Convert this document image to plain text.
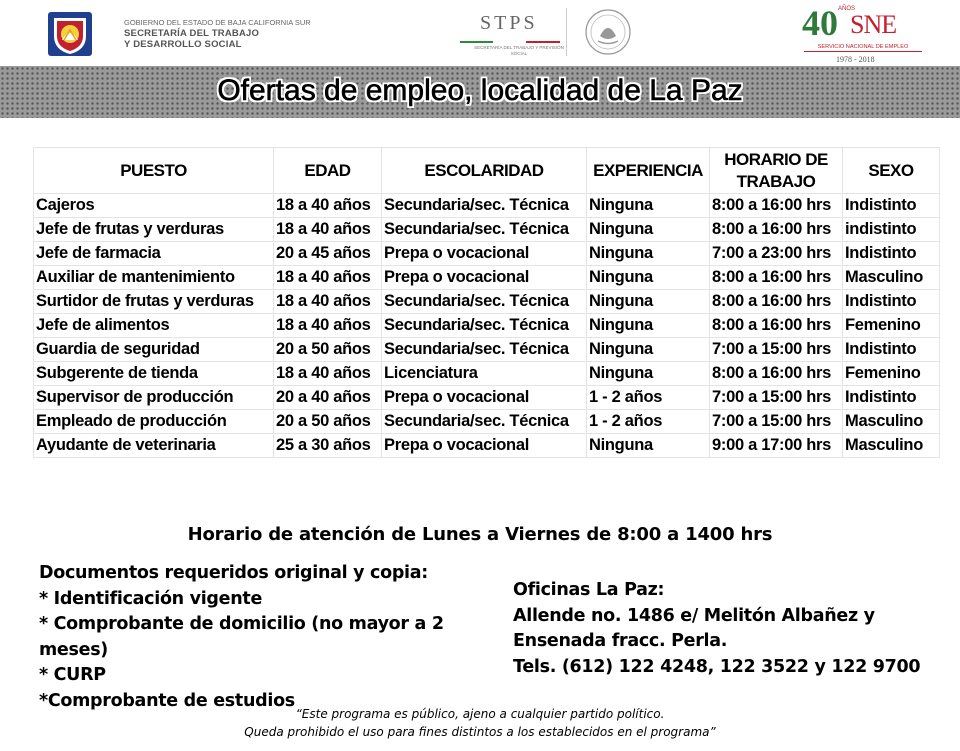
GOBIERNO DEL ESTADO DE BAJA CALIFORNIA SUR
SECRETARÍA DEL TRABAJO
Y DESARROLLO SOCIAL
STPS
SECRETARÍA DEL TRABAJO Y PREVISIÓN SOCIAL
40 AÑOS
SNE
SERVICIO NACIONAL DE EMPLEO
1978 - 2018
Ofertas de empleo, localidad de La Paz
PUESTO	EDAD	ESCOLARIDAD	EXPERIENCIA	HORARIO DE TRABAJO	SEXO
Cajeros	18 a 40 años	Secundaria/sec. Técnica	Ninguna	8:00 a 16:00 hrs	Indistinto
Jefe de frutas y verduras	18 a 40 años	Secundaria/sec. Técnica	Ninguna	8:00 a 16:00 hrs	indistinto
Jefe de farmacia	20 a 45 años	Prepa o vocacional	Ninguna	7:00 a 23:00 hrs	Indistinto
Auxiliar de mantenimiento	18 a 40 años	Prepa o vocacional	Ninguna	8:00 a 16:00 hrs	Masculino
Surtidor de frutas y verduras	18 a 40 años	Secundaria/sec. Técnica	Ninguna	8:00 a 16:00 hrs	Indistinto
Jefe de alimentos	18 a 40 años	Secundaria/sec. Técnica	Ninguna	8:00 a 16:00 hrs	Femenino
Guardia de seguridad	20 a 50 años	Secundaria/sec. Técnica	Ninguna	7:00 a 15:00 hrs	Indistinto
Subgerente de tienda	18 a 40 años	Licenciatura	Ninguna	8:00 a 16:00 hrs	Femenino
Supervisor de producción	20 a 40 años	Prepa o vocacional	1 - 2 años	7:00 a 15:00 hrs	Indistinto
Empleado de producción	20 a 50 años	Secundaria/sec. Técnica	1 - 2 años	7:00 a 15:00 hrs	Masculino
Ayudante de veterinaria	25 a 30 años	Prepa o vocacional	Ninguna	9:00 a 17:00 hrs	Masculino
Horario de atención de Lunes a Viernes de 8:00 a 1400 hrs
Documentos requeridos original y copia:
* Identificación vigente
* Comprobante de domicilio (no mayor a 2 meses)
* CURP
*Comprobante de estudios
Oficinas La Paz:
Allende no. 1486 e/ Melitón Albañez y
Ensenada fracc. Perla.
Tels. (612) 122 4248, 122 3522 y 122 9700
“Este programa es público, ajeno a cualquier partido político.
Queda prohibido el uso para fines distintos a los establecidos en el programa”
